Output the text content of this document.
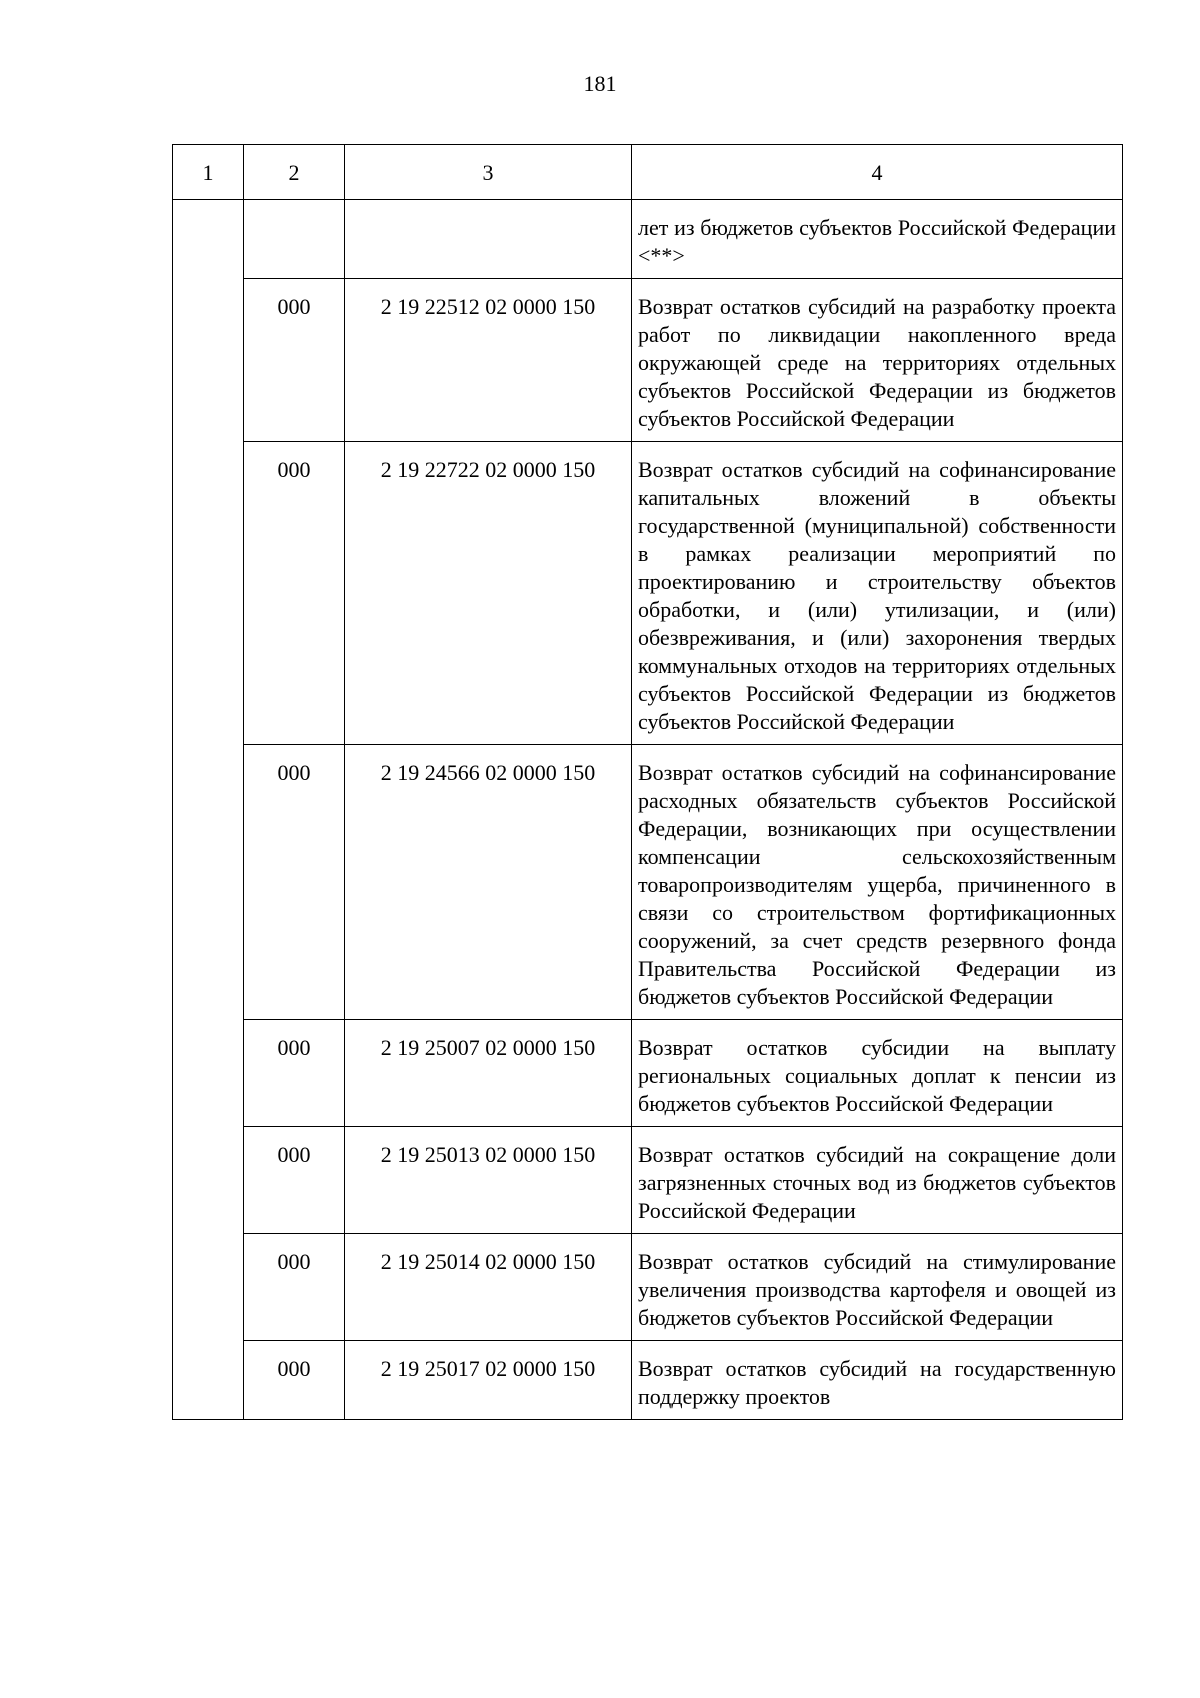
181
1	2	3	4
			лет из бюджетов субъектов Российской Федерации <**>
	000	2 19 22512 02 0000 150	Возврат остатков субсидий на разработку проекта работ по ликвидации накопленного вреда окружающей среде на территориях отдельных субъектов Российской Федерации из бюджетов субъектов Российской Федерации
	000	2 19 22722 02 0000 150	Возврат остатков субсидий на софинансирование капитальных вложений в объекты государственной (муниципальной) собственности в рамках реализации мероприятий по проектированию и строительству объектов обработки, и (или) утилизации, и (или) обезвреживания, и (или) захоронения твердых коммунальных отходов на территориях отдельных субъектов Российской Федерации из бюджетов субъектов Российской Федерации
	000	2 19 24566 02 0000 150	Возврат остатков субсидий на софинансирование расходных обязательств субъектов Российской Федерации, возникающих при осуществлении компенсации сельскохозяйственным товаропроизводителям ущерба, причиненного в связи со строительством фортификационных сооружений, за счет средств резервного фонда Правительства Российской Федерации из бюджетов субъектов Российской Федерации
	000	2 19 25007 02 0000 150	Возврат остатков субсидии на выплату региональных социальных доплат к пенсии из бюджетов субъектов Российской Федерации
	000	2 19 25013 02 0000 150	Возврат остатков субсидий на сокращение доли загрязненных сточных вод из бюджетов субъектов Российской Федерации
	000	2 19 25014 02 0000 150	Возврат остатков субсидий на стимулирование увеличения производства картофеля и овощей из бюджетов субъектов Российской Федерации
	000	2 19 25017 02 0000 150	Возврат остатков субсидий на государственную поддержку проектов
